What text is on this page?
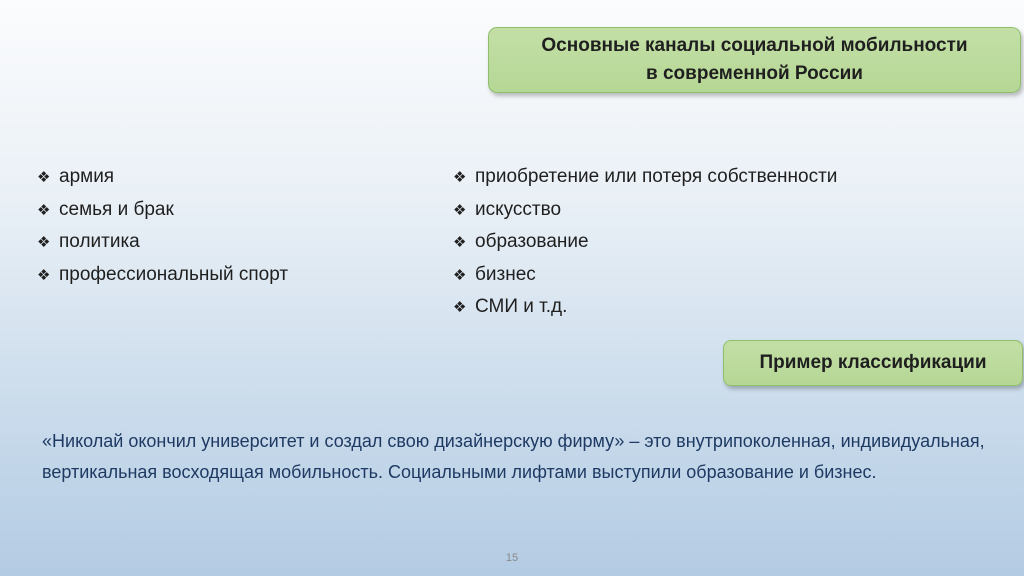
Основные каналы социальной мобильности
в современной России
❖ армия
❖ семья и брак
❖ политика
❖ профессиональный спорт
❖ приобретение или потеря собственности
❖ искусство
❖ образование
❖ бизнес
❖ СМИ и т.д.
Пример классификации
«Николай окончил университет и создал свою дизайнерскую фирму» – это внутрипоколенная, индивидуальная, вертикальная восходящая мобильность. Социальными лифтами выступили образование и бизнес.
15
